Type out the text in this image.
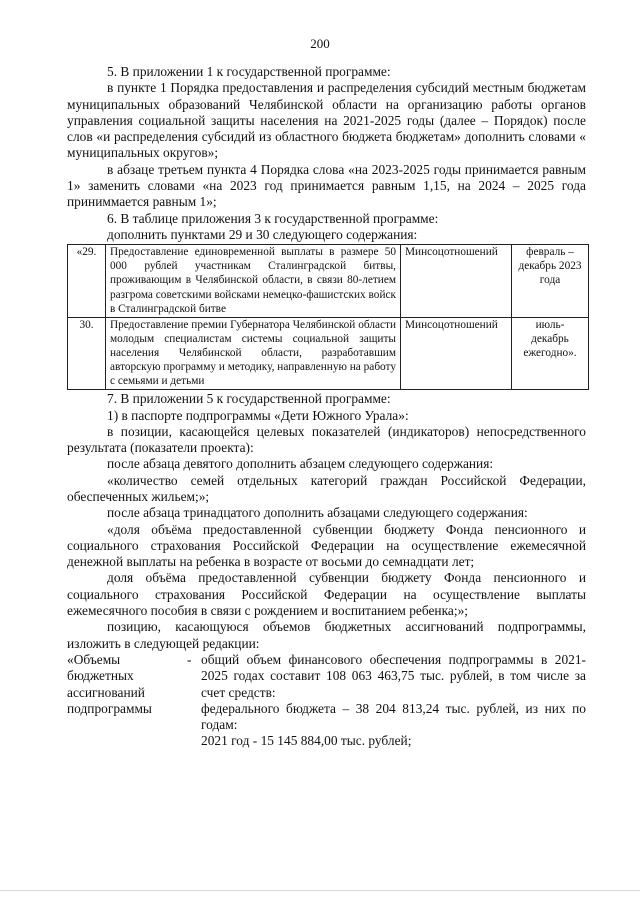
200

5. В приложении 1 к государственной программе:

в пункте 1 Порядка предоставления и распределения субсидий местным бюджетам муниципальных образований Челябинской области на организацию работы органов управления социальной защиты населения на 2021-2025 годы (далее – Порядок) после слов «и распределения субсидий из областного бюджета бюджетам» дополнить словами « муниципальных округов»;

в абзаце третьем пункта 4 Порядка слова «на 2023-2025 годы принимается равным 1» заменить словами «на 2023 год принимается равным 1,15, на 2024 – 2025 года приниммается равным 1»;

6. В таблице приложения 3 к государственной программе:

дополнить пунктами 29 и 30 следующего содержания:

«29.	Предоставление единовременной выплаты в размере 50 000 рублей участникам Сталинградской битвы, проживающим в Челябинской области, в связи 80-летием разгрома советскими войсками немецко-фашистских войск в Сталинградской битве	Минсоцотношений	февраль – декабрь 2023 года
30.	Предоставление премии Губернатора Челябинской области молодым специалистам системы социальной защиты населения Челябинской области, разработавшим авторскую программу и методику, направленную на работу с семьями и детьми	Минсоцотношений	июль- декабрь ежегодно».

7. В приложении 5 к государственной программе:

1) в паспорте подпрограммы «Дети Южного Урала»:

в позиции, касающейся целевых показателей (индикаторов) непосредственного результата (показатели проекта):

после абзаца девятого дополнить абзацем следующего содержания:

«количество семей отдельных категорий граждан Российской Федерации, обеспеченных жильем;»;

после абзаца тринадцатого дополнить абзацами следующего содержания:

«доля объёма предоставленной субвенции бюджету Фонда пенсионного и социального страхования Российской Федерации на осуществление ежемесячной денежной выплаты на ребенка в возрасте от восьми до семнадцати лет;

доля объёма предоставленной субвенции бюджету Фонда пенсионного и социального страхования Российской Федерации на осуществление выплаты ежемесячного пособия в связи с рождением и воспитанием ребенка;»;

позицию, касающуюся объемов бюджетных ассигнований подпрограммы, изложить в следующей редакции:

«Объемы
бюджетных
ассигнований
подпрограммы
- общий объем финансового обеспечения подпрограммы в 2021-2025 годах составит 108 063 463,75 тыс. рублей, в том числе за счет средств:

федерального бюджета – 38 204 813,24 тыс. рублей, из них по годам:

2021 год - 15 145 884,00 тыс. рублей;
